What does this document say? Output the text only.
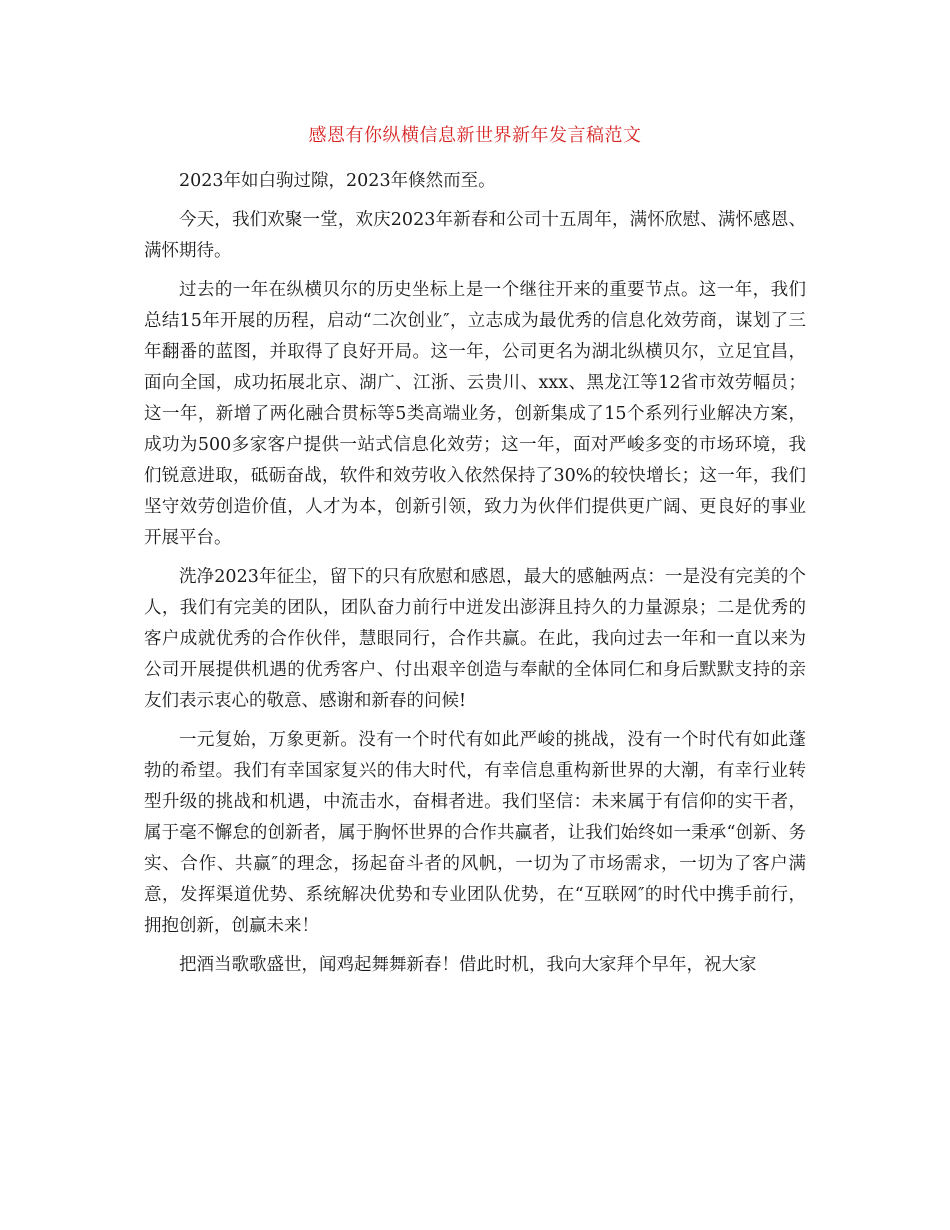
感恩有你纵横信息新世界新年发言稿范文

2023年如白驹过隙，2023年倏然而至。

今天，我们欢聚一堂，欢庆2023年新春和公司十五周年，满怀欣慰、满怀感恩、满怀期待。

过去的一年在纵横贝尔的历史坐标上是一个继往开来的重要节点。这一年，我们总结15年开展的历程，启动“二次创业″，立志成为最优秀的信息化效劳商，谋划了三年翻番的蓝图，并取得了良好开局。这一年，公司更名为湖北纵横贝尔，立足宜昌，面向全国，成功拓展北京、湖广、江浙、云贵川、xxx、黑龙江等12省市效劳幅员；这一年，新增了两化融合贯标等5类高端业务，创新集成了15个系列行业解决方案，成功为500多家客户提供一站式信息化效劳；这一年，面对严峻多变的市场环境，我们锐意进取，砥砺奋战，软件和效劳收入依然保持了30%的较快增长；这一年，我们坚守效劳创造价值，人才为本，创新引领，致力为伙伴们提供更广阔、更良好的事业开展平台。

洗净2023年征尘，留下的只有欣慰和感恩，最大的感触两点：一是没有完美的个人，我们有完美的团队，团队奋力前行中迸发出澎湃且持久的力量源泉；二是优秀的客户成就优秀的合作伙伴，慧眼同行，合作共赢。在此，我向过去一年和一直以来为公司开展提供机遇的优秀客户、付出艰辛创造与奉献的全体同仁和身后默默支持的亲友们表示衷心的敬意、感谢和新春的问候!

一元复始，万象更新。没有一个时代有如此严峻的挑战，没有一个时代有如此蓬勃的希望。我们有幸国家复兴的伟大时代，有幸信息重构新世界的大潮，有幸行业转型升级的挑战和机遇，中流击水，奋楫者进。我们坚信：未来属于有信仰的实干者，属于毫不懈怠的创新者，属于胸怀世界的合作共赢者，让我们始终如一秉承“创新、务实、合作、共赢″的理念，扬起奋斗者的风帆，一切为了市场需求，一切为了客户满意，发挥渠道优势、系统解决优势和专业团队优势，在“互联网″的时代中携手前行，拥抱创新，创赢未来！

把酒当歌歌盛世，闻鸡起舞舞新春！借此时机，我向大家拜个早年，祝大家
